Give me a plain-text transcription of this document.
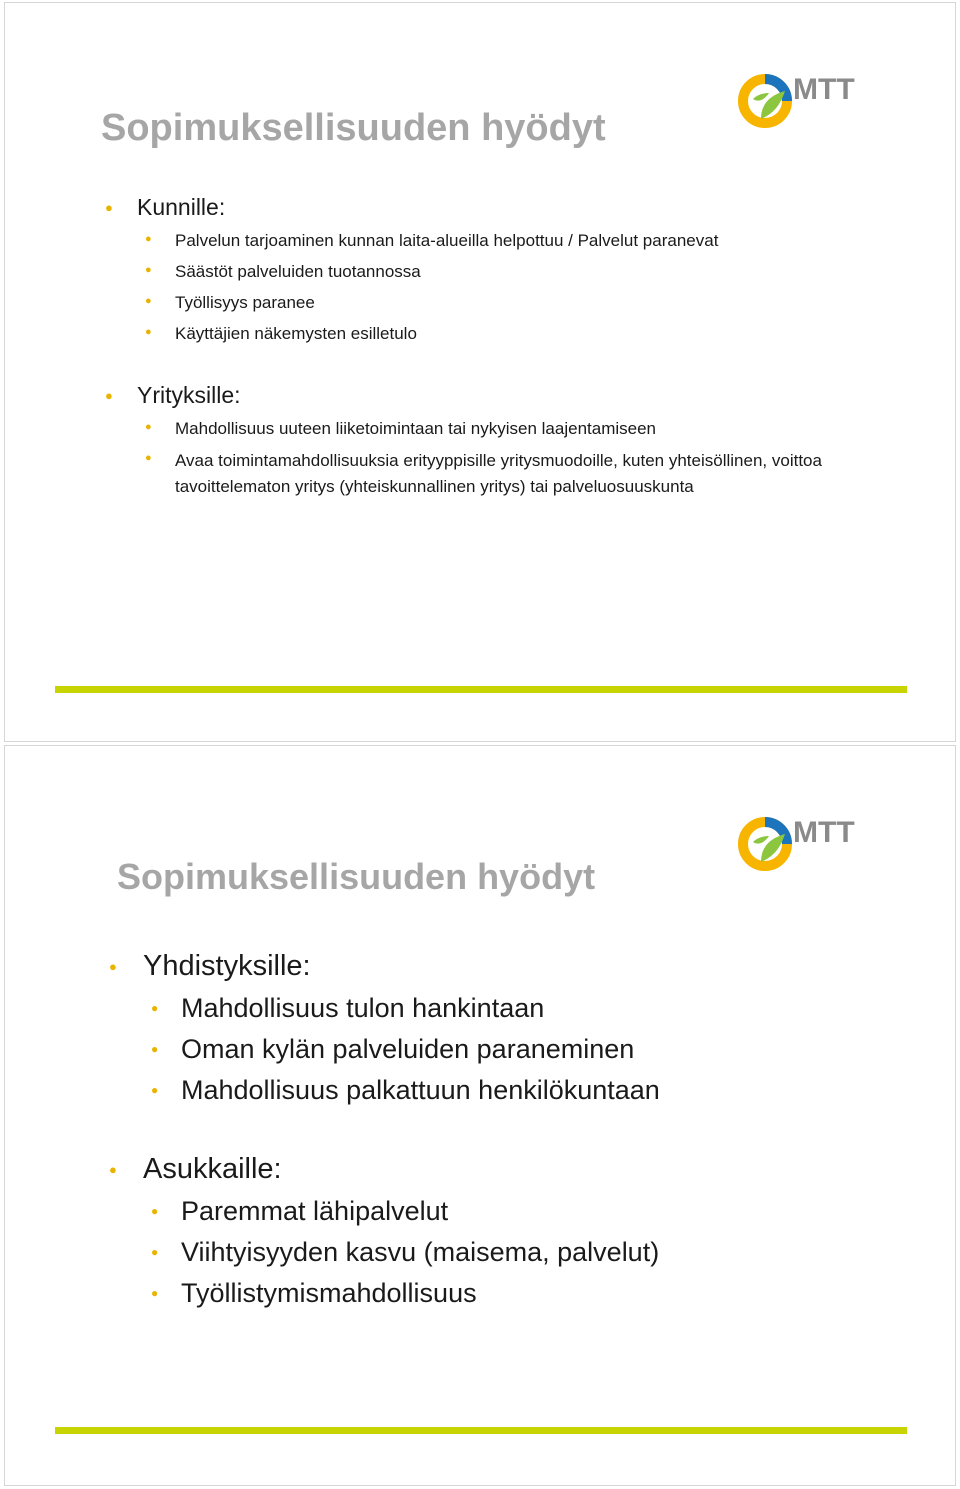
MTT
Sopimuksellisuuden hyödyt
● Kunnille:
● Palvelun tarjoaminen kunnan laita-alueilla helpottuu / Palvelut paranevat
● Säästöt palveluiden tuotannossa
● Työllisyys paranee
● Käyttäjien näkemysten esilletulo
● Yrityksille:
● Mahdollisuus uuteen liiketoimintaan tai nykyisen laajentamiseen
● Avaa toimintamahdollisuuksia erityyppisille yritysmuodoille, kuten yhteisöllinen, voittoa tavoittelematon yritys (yhteiskunnallinen yritys) tai palveluosuuskunta
MTT
Sopimuksellisuuden hyödyt
● Yhdistyksille:
● Mahdollisuus tulon hankintaan
● Oman kylän palveluiden paraneminen
● Mahdollisuus palkattuun henkilökuntaan
● Asukkaille:
● Paremmat lähipalvelut
● Viihtyisyyden kasvu (maisema, palvelut)
● Työllistymismahdollisuus
